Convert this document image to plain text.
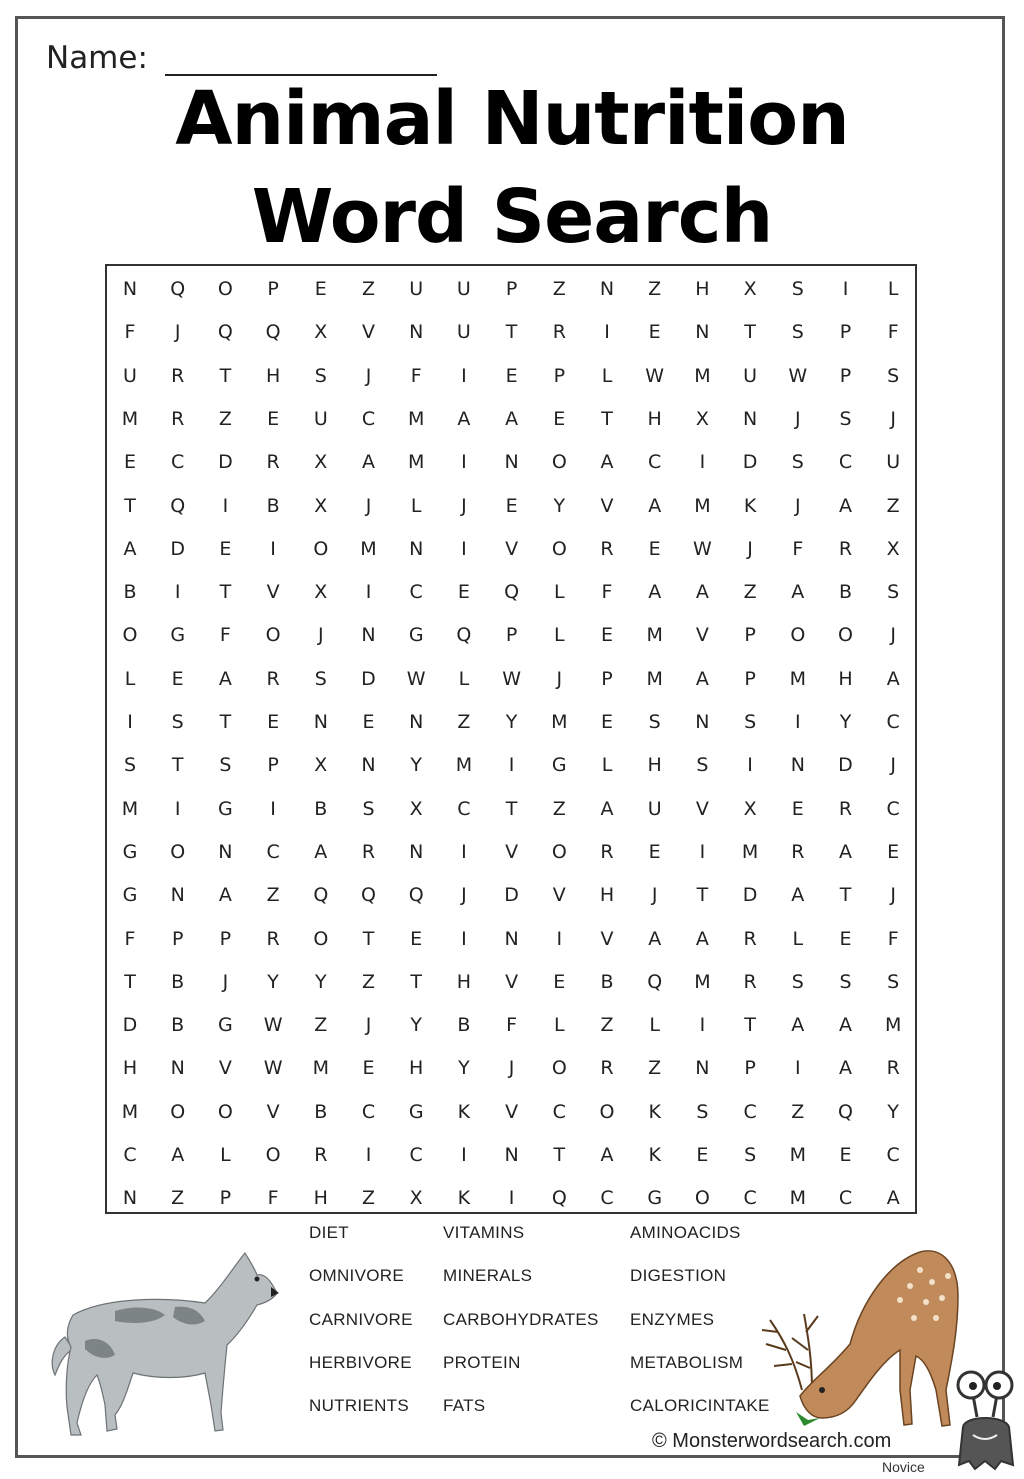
Name:
Animal Nutrition
Word Search
N	Q	O	P	E	Z	U	U	P	Z	N	Z	H	X	S	I	L
F	J	Q	Q	X	V	N	U	T	R	I	E	N	T	S	P	F
U	R	T	H	S	J	F	I	E	P	L	W	M	U	W	P	S
M	R	Z	E	U	C	M	A	A	E	T	H	X	N	J	S	J
E	C	D	R	X	A	M	I	N	O	A	C	I	D	S	C	U
T	Q	I	B	X	J	L	J	E	Y	V	A	M	K	J	A	Z
A	D	E	I	O	M	N	I	V	O	R	E	W	J	F	R	X
B	I	T	V	X	I	C	E	Q	L	F	A	A	Z	A	B	S
O	G	F	O	J	N	G	Q	P	L	E	M	V	P	O	O	J
L	E	A	R	S	D	W	L	W	J	P	M	A	P	M	H	A
I	S	T	E	N	E	N	Z	Y	M	E	S	N	S	I	Y	C
S	T	S	P	X	N	Y	M	I	G	L	H	S	I	N	D	J
M	I	G	I	B	S	X	C	T	Z	A	U	V	X	E	R	C
G	O	N	C	A	R	N	I	V	O	R	E	I	M	R	A	E
G	N	A	Z	Q	Q	Q	J	D	V	H	J	T	D	A	T	J
F	P	P	R	O	T	E	I	N	I	V	A	A	R	L	E	F
T	B	J	Y	Y	Z	T	H	V	E	B	Q	M	R	S	S	S
D	B	G	W	Z	J	Y	B	F	L	Z	L	I	T	A	A	M
H	N	V	W	M	E	H	Y	J	O	R	Z	N	P	I	A	R
M	O	O	V	B	C	G	K	V	C	O	K	S	C	Z	Q	Y
C	A	L	O	R	I	C	I	N	T	A	K	E	S	M	E	C
N	Z	P	F	H	Z	X	K	I	Q	C	G	O	C	M	C	A
DIET	VITAMINS	AMINOACIDS
OMNIVORE MINERALS	DIGESTION
CARNIVORE CARBOHYDRATES ENZYMES
HERBIVORE PROTEIN	METABOLISM
NUTRIENTS FATS	CALORICINTAKE
© Monsterwordsearch.com
Novice
